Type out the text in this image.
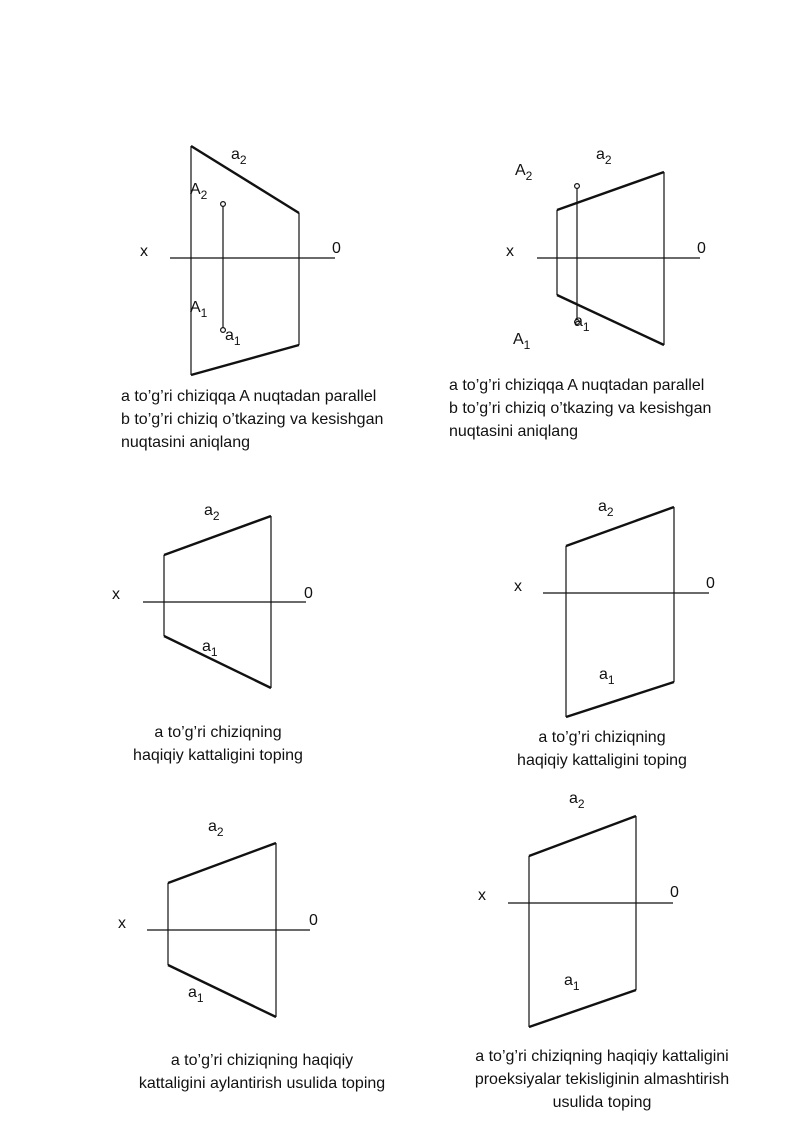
x	0
$a_2$
$A_2$
$A_1$
$a_1$
x	0
$a_2$
$A_2$
$a_1$
$A_1$
x	0
$a_2$
$a_1$
x	0
$a_2$
$a_1$
x	0
$a_2$
$a_1$
x	0
$a_2$
$a_1$
a to’g’ri chiziqqa A nuqtadan parallel
b to’g’ri chiziq o’tkazing va kesishgan
nuqtasini aniqlang
a to’g’ri chiziqqa A nuqtadan parallel
b to’g’ri chiziq o’tkazing va kesishgan
nuqtasini aniqlang
a to’g’ri chiziqning
haqiqiy kattaligini toping
a to’g’ri chiziqning
haqiqiy kattaligini toping
a to’g’ri chiziqning haqiqiy
kattaligini aylantirish usulida toping
a to’g’ri chiziqning haqiqiy kattaligini
proeksiyalar tekisliginin almashtirish
usulida toping
